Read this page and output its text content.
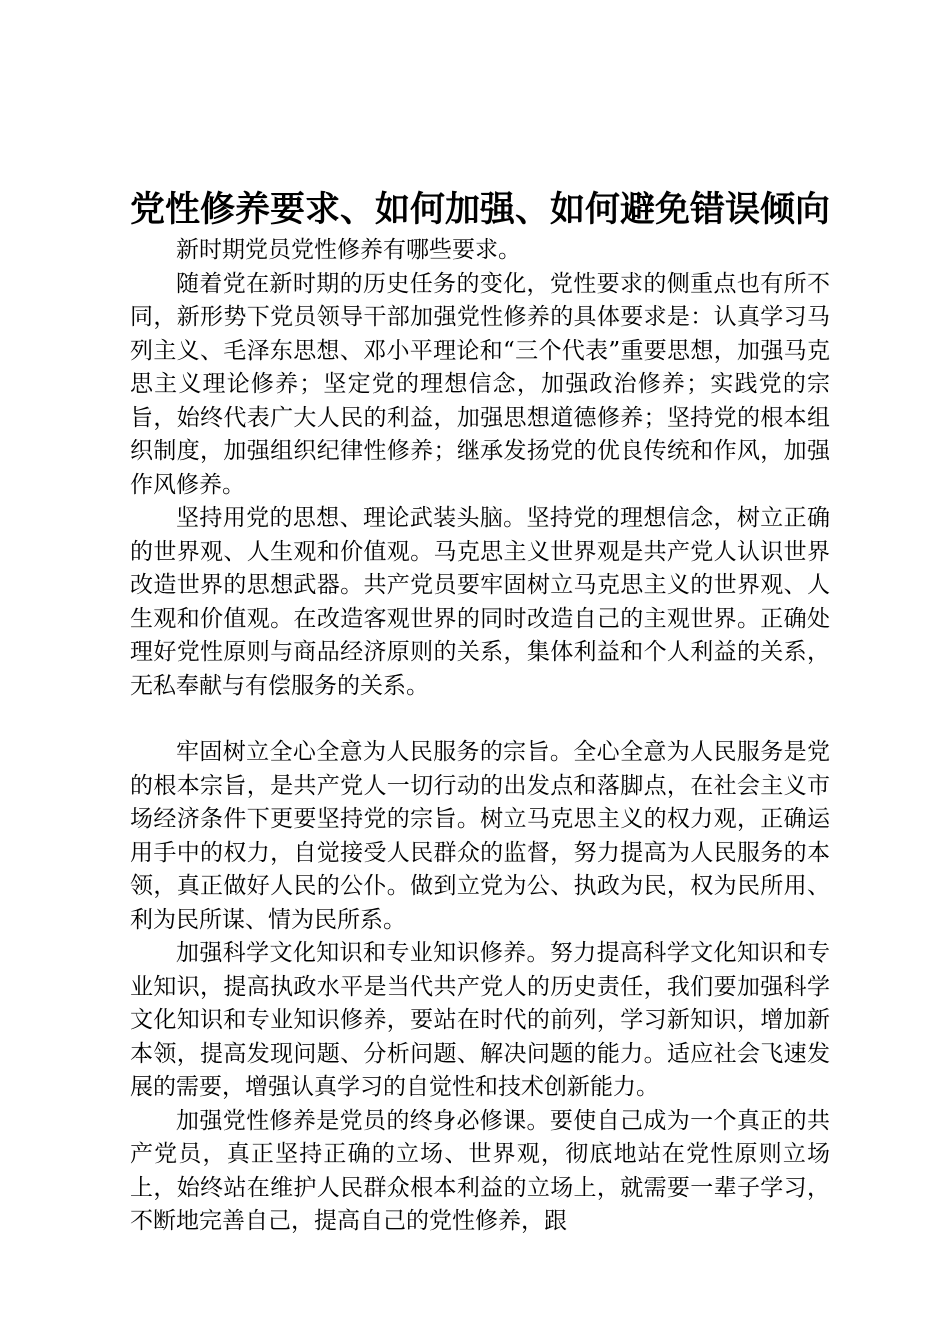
党性修养要求、如何加强、如何避免错误倾向

新时期党员党性修养有哪些要求。

随着党在新时期的历史任务的变化，党性要求的侧重点也有所不同，新形势下党员领导干部加强党性修养的具体要求是：认真学习马列主义、毛泽东思想、邓小平理论和“三个代表”重要思想，加强马克思主义理论修养；坚定党的理想信念，加强政治修养；实践党的宗旨，始终代表广大人民的利益，加强思想道德修养；坚持党的根本组织制度，加强组织纪律性修养；继承发扬党的优良传统和作风，加强作风修养。

坚持用党的思想、理论武装头脑。坚持党的理想信念，树立正确的世界观、人生观和价值观。马克思主义世界观是共产党人认识世界改造世界的思想武器。共产党员要牢固树立马克思主义的世界观、人生观和价值观。在改造客观世界的同时改造自己的主观世界。正确处理好党性原则与商品经济原则的关系，集体利益和个人利益的关系，无私奉献与有偿服务的关系。

牢固树立全心全意为人民服务的宗旨。全心全意为人民服务是党的根本宗旨，是共产党人一切行动的出发点和落脚点，在社会主义市场经济条件下更要坚持党的宗旨。树立马克思主义的权力观，正确运用手中的权力，自觉接受人民群众的监督，努力提高为人民服务的本领，真正做好人民的公仆。做到立党为公、执政为民，权为民所用、利为民所谋、情为民所系。

加强科学文化知识和专业知识修养。努力提高科学文化知识和专业知识，提高执政水平是当代共产党人的历史责任，我们要加强科学文化知识和专业知识修养，要站在时代的前列，学习新知识，增加新本领，提高发现问题、分析问题、解决问题的能力。适应社会飞速发展的需要，增强认真学习的自觉性和技术创新能力。

加强党性修养是党员的终身必修课。要使自己成为一个真正的共产党员，真正坚持正确的立场、世界观，彻底地站在党性原则立场上，始终站在维护人民群众根本利益的立场上，就需要一辈子学习，不断地完善自己，提高自己的党性修养，跟
